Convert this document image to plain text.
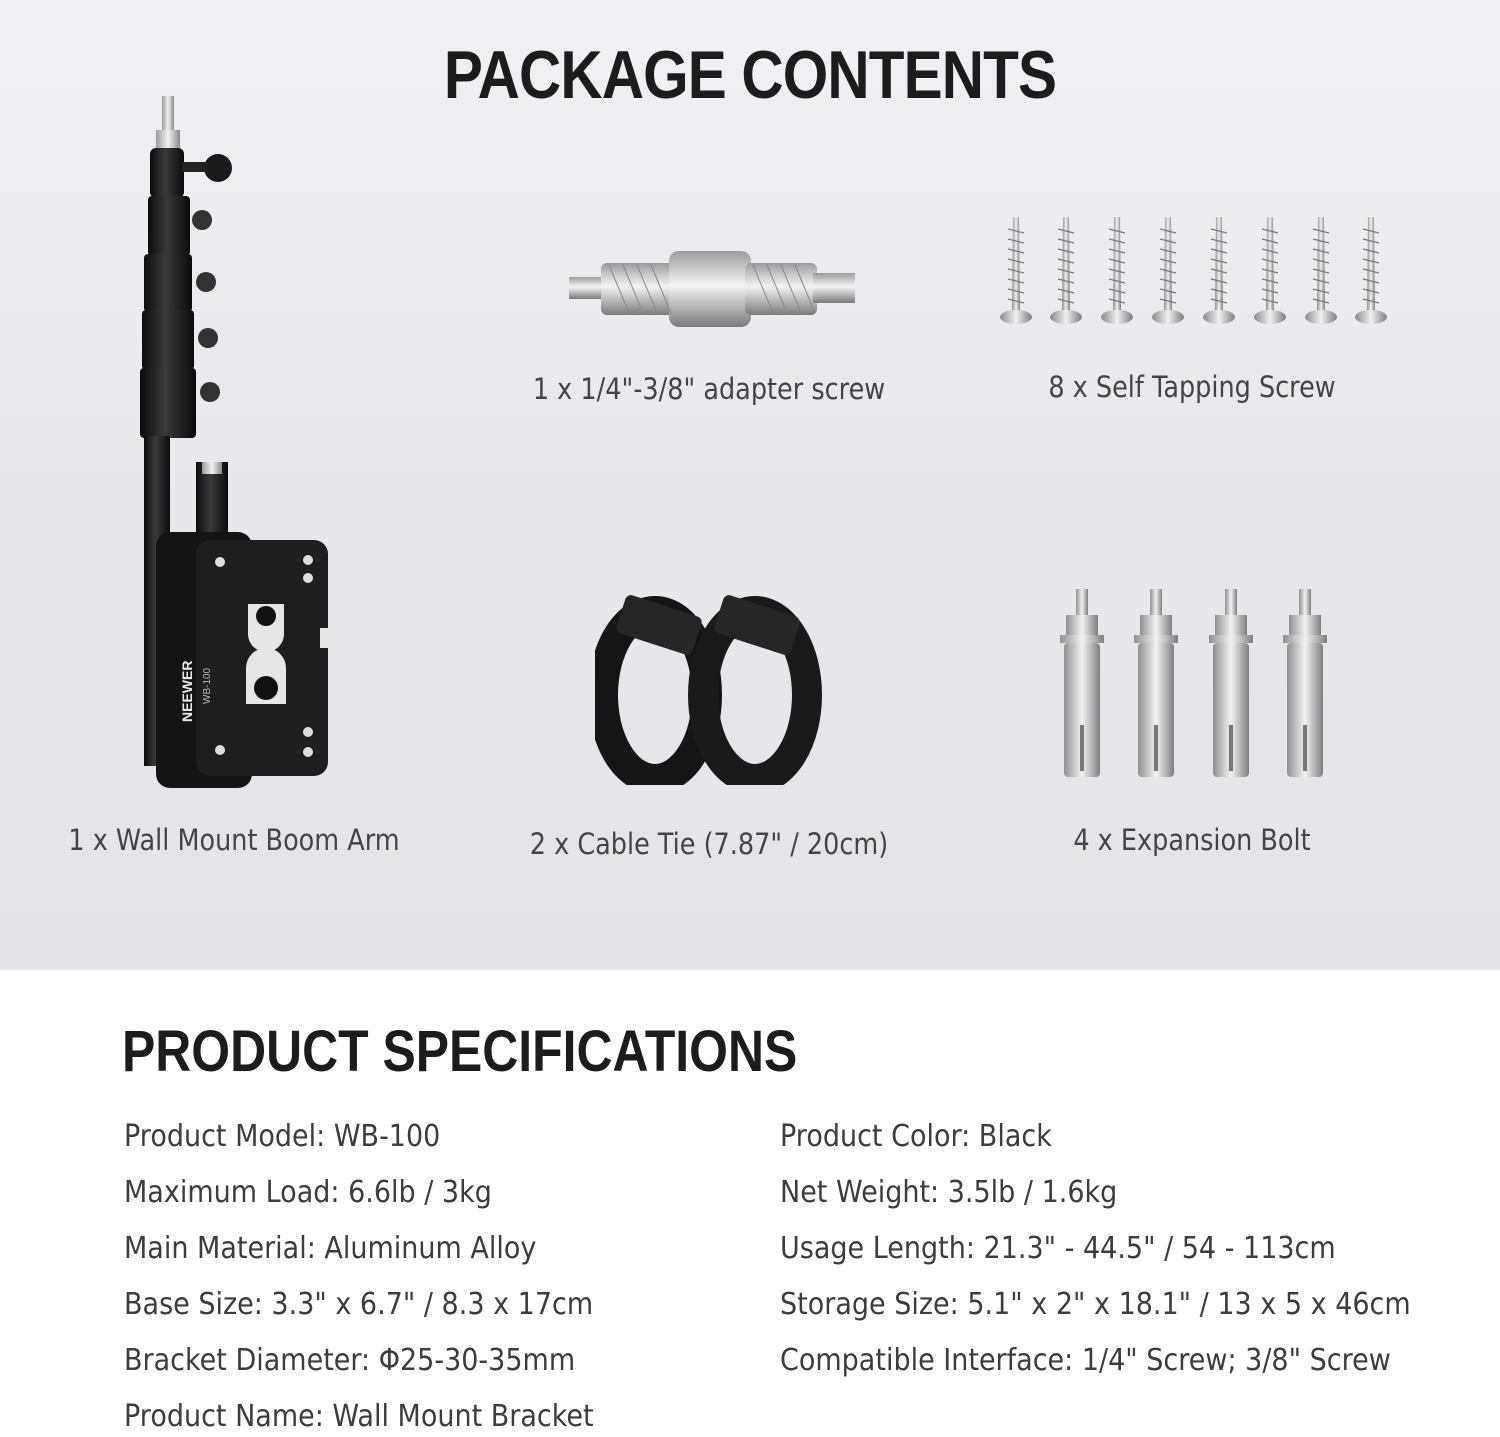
PACKAGE CONTENTS
NEEWER WB-100
1 x Wall Mount Boom Arm
1 x 1/4"-3/8" adapter screw	8 x Self Tapping Screw
2 x Cable Tie (7.87" / 20cm)	4 x Expansion Bolt
PRODUCT SPECIFICATIONS
Product Model: WB-100
Maximum Load: 6.6lb / 3kg
Main Material: Aluminum Alloy
Base Size: 3.3" x 6.7" / 8.3 x 17cm
Bracket Diameter: Φ25-30-35mm
Product Name: Wall Mount Bracket
Product Color: Black
Net Weight: 3.5lb / 1.6kg
Usage Length: 21.3" - 44.5" / 54 - 113cm
Storage Size: 5.1" x 2" x 18.1" / 13 x 5 x 46cm
Compatible Interface: 1/4" Screw; 3/8" Screw
